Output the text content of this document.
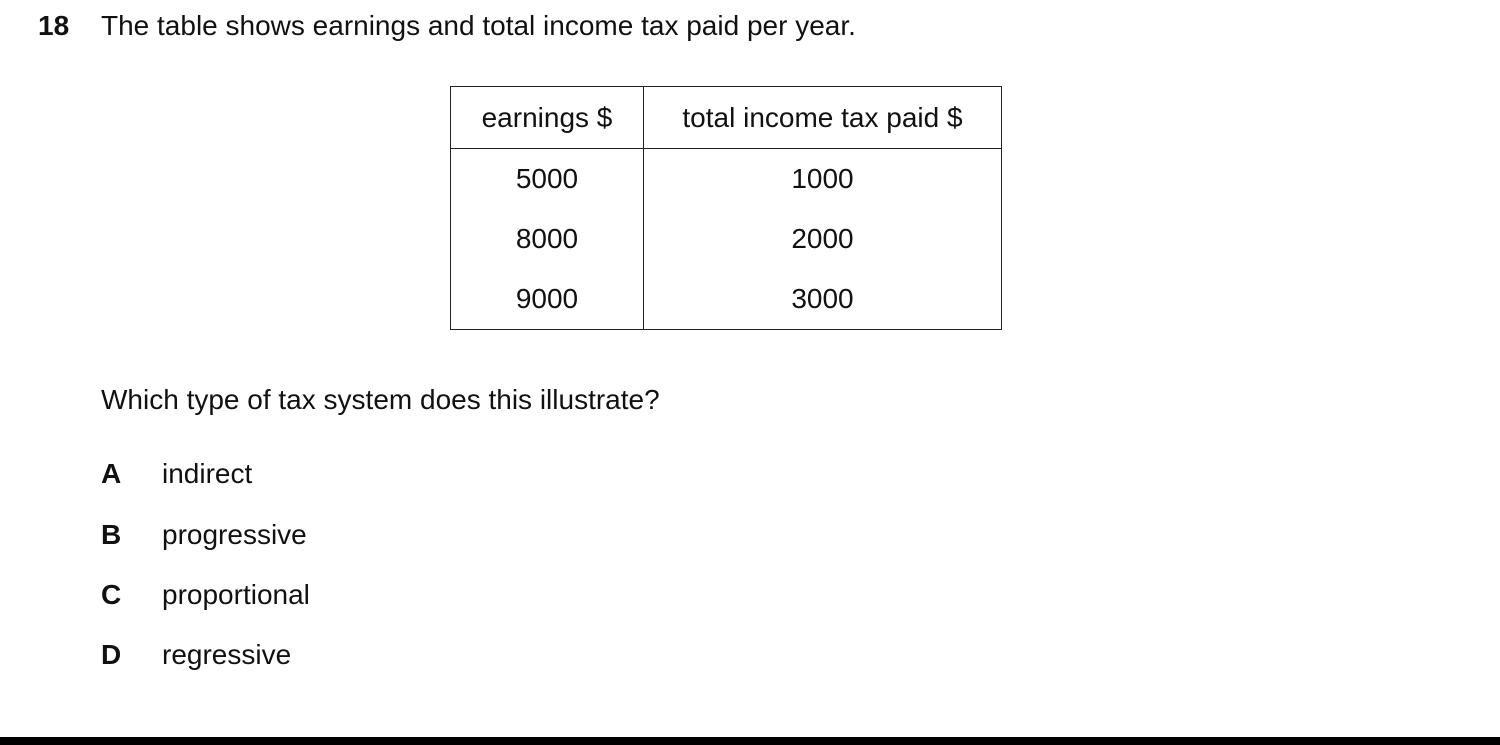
18 The table shows earnings and total income tax paid per year.
earnings $	total income tax paid $
5000	1000
8000	2000
9000	3000
Which type of tax system does this illustrate?
A indirect
B progressive
C proportional
D regressive
